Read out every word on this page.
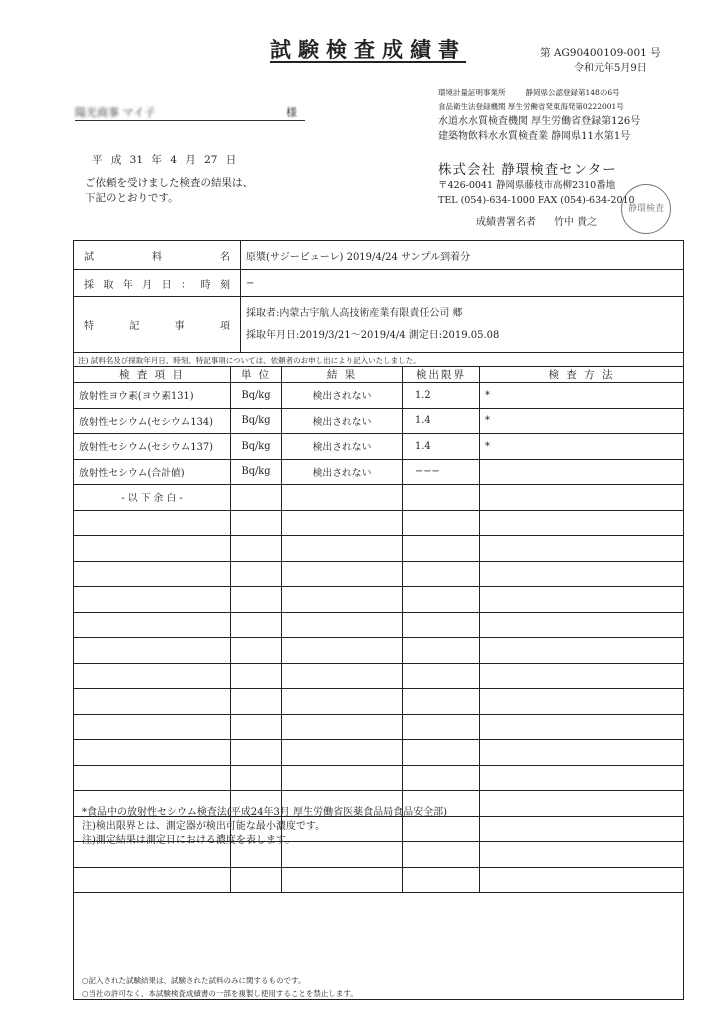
試験検査成績書	第 AG90400109-001 号
令和元年5月9日
陽光商事 マイ子	様
環境計量証明事業所	静岡県公認登録第148の6号
食品衛生法登録機関 厚生労働省発東海発第0222001号
水道水水質検査機関 厚生労働省登録第126号
建築物飲料水水質検査業 静岡県11水第1号
平 成 31 年 4 月 27 日
ご依頼を受けました検査の結果は、
下記のとおりです。
株式会社 静環検査センター
〒426-0041 静岡県藤枝市高柳2310番地
TEL (054)-634-1000 FAX (054)-634-2010
静環検査
成績書署名者 竹中 貴之
試料名	原漿(サジーピューレ) 2019/4/24 サンプル到着分
採取年月日：時刻	−
特記事項	採取者:内蒙古宇航人高技術産業有限責任公司 郷
採取年月日:2019/3/21〜2019/4/4 測定日:2019.05.08
注) 試料名及び採取年月日、時刻、特記事項については、依頼者のお申し出により記入いたしました。
検 査 項 目	単 位	結 果	検出限界	検 査 方 法
放射性ヨウ素(ヨウ素131)	Bq/kg	検出されない	1.2	*
放射性セシウム(セシウム134)	Bq/kg	検出されない	1.4	*
放射性セシウム(セシウム137)	Bq/kg	検出されない	1.4	*
放射性セシウム(合計値)	Bq/kg	検出されない	−−−	
- 以 下 余 白 -				

*食品中の放射性セシウム検査法(平成24年3月 厚生労働省医薬食品局食品安全部)
注)検出限界とは、測定器が検出可能な最小濃度です。
注)測定結果は測定日における濃度を表します。
○記入された試験結果は、試験された試料のみに関するものです。
○当社の許可なく、本試験検査成績書の一部を複製し使用することを禁止します。
